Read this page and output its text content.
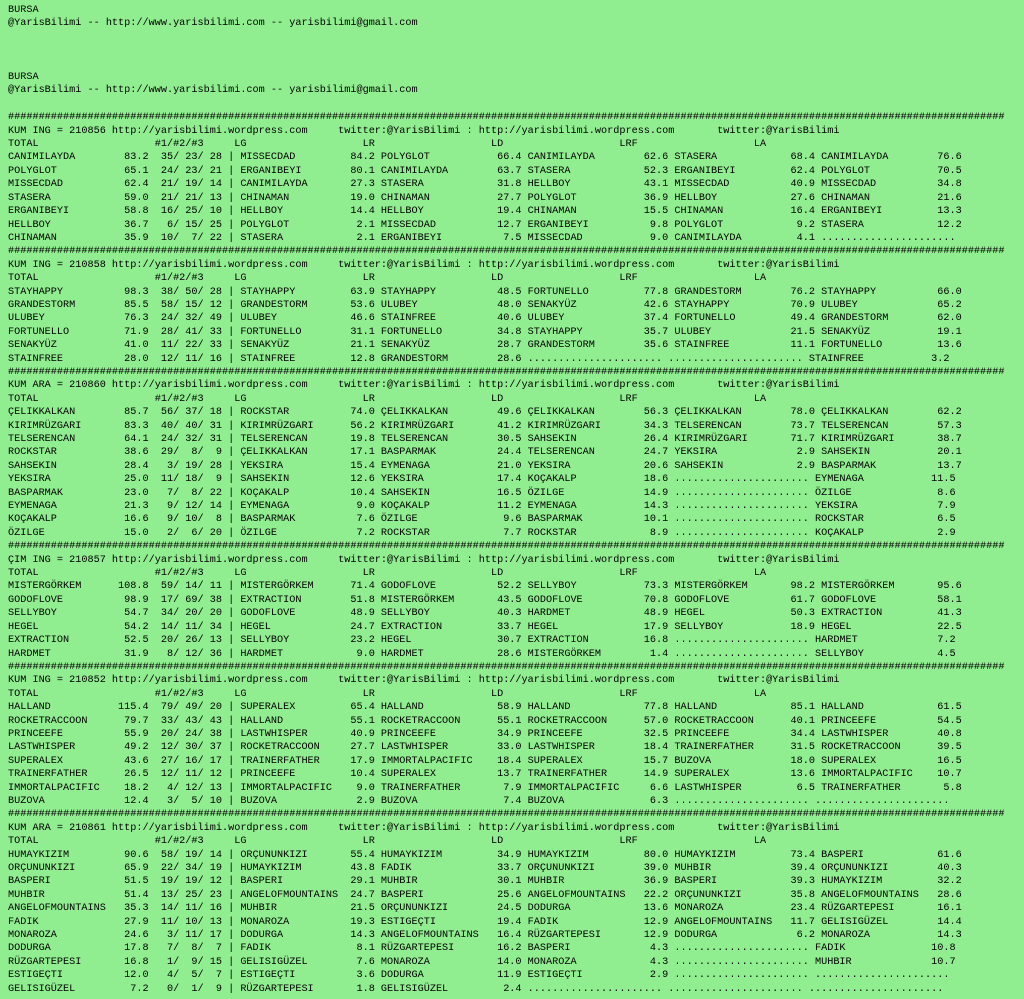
BURSA
@YarisBilimi -- http://www.yarisbilimi.com -- yarisbilimi@gmail.com

BURSA
@YarisBilimi -- http://www.yarisbilimi.com -- yarisbilimi@gmail.com

###################################################################################################################################################################
KUM ING = 210856 http://yarisbilimi.wordpress.com     twitter:@YarisBilimi : http://yarisbilimi.wordpress.com       twitter:@YarisBilimi
TOTAL                   #1/#2/#3     LG                   LR                   LD                   LRF                   LA
CANIMILAYDA        83.2  35/ 23/ 28 | MISSECDAD         84.2 POLYGLOT           66.4 CANIMILAYDA        62.6 STASERA            68.4 CANIMILAYDA        76.6
POLYGLOT           65.1  24/ 23/ 21 | ERGANIBEYI        80.1 CANIMILAYDA        63.7 STASERA            52.3 ERGANIBEYI         62.4 POLYGLOT           70.5
MISSECDAD          62.4  21/ 19/ 14 | CANIMILAYDA       27.3 STASERA            31.8 HELLBOY            43.1 MISSECDAD          40.9 MISSECDAD          34.8
STASERA            59.0  21/ 21/ 13 | CHINAMAN          19.0 CHINAMAN           27.7 POLYGLOT           36.9 HELLBOY            27.6 CHINAMAN           21.6
ERGANIBEYI         58.8  16/ 25/ 10 | HELLBOY           14.4 HELLBOY            19.4 CHINAMAN           15.5 CHINAMAN           16.4 ERGANIBEYI         13.3
HELLBOY            36.7   6/ 15/ 25 | POLYGLOT           2.1 MISSECDAD          12.7 ERGANIBEYI          9.8 POLYGLOT            9.2 STASERA            12.2
CHINAMAN           35.9  10/  7/ 22 | STASERA            2.1 ERGANIBEYI          7.5 MISSECDAD           9.0 CANIMILAYDA         4.1 ......................
###################################################################################################################################################################
KUM ING = 210858 http://yarisbilimi.wordpress.com     twitter:@YarisBilimi : http://yarisbilimi.wordpress.com       twitter:@YarisBilimi
TOTAL                   #1/#2/#3     LG                   LR                   LD                   LRF                   LA
STAYHAPPY          98.3  38/ 50/ 28 | STAYHAPPY         63.9 STAYHAPPY          48.5 FORTUNELLO         77.8 GRANDESTORM        76.2 STAYHAPPY          66.0
GRANDESTORM        85.5  58/ 15/ 12 | GRANDESTORM       53.6 ULUBEY             48.0 SENAKYÜZ           42.6 STAYHAPPY          70.9 ULUBEY             65.2
ULUBEY             76.3  24/ 32/ 49 | ULUBEY            46.6 STAINFREE          40.6 ULUBEY             37.4 FORTUNELLO         49.4 GRANDESTORM        62.0
FORTUNELLO         71.9  28/ 41/ 33 | FORTUNELLO        31.1 FORTUNELLO         34.8 STAYHAPPY          35.7 ULUBEY             21.5 SENAKYÜZ           19.1
SENAKYÜZ           41.0  11/ 22/ 33 | SENAKYÜZ          21.1 SENAKYÜZ           28.7 GRANDESTORM        35.6 STAINFREE          11.1 FORTUNELLO         13.6
STAINFREE          28.0  12/ 11/ 16 | STAINFREE         12.8 GRANDESTORM        28.6 ...................... ...................... STAINFREE           3.2
###################################################################################################################################################################
KUM ARA = 210860 http://yarisbilimi.wordpress.com     twitter:@YarisBilimi : http://yarisbilimi.wordpress.com       twitter:@YarisBilimi
TOTAL                   #1/#2/#3     LG                   LR                   LD                   LRF                   LA
ÇELIKKALKAN        85.7  56/ 37/ 18 | ROCKSTAR          74.0 ÇELIKKALKAN        49.6 ÇELIKKALKAN        56.3 ÇELIKKALKAN        78.0 ÇELIKKALKAN        62.2
KIRIMRÜZGARI       83.3  40/ 40/ 31 | KIRIMRÜZGARI      56.2 KIRIMRÜZGARI       41.2 KIRIMRÜZGARI       34.3 TELSERENCAN        73.7 TELSERENCAN        57.3
TELSERENCAN        64.1  24/ 32/ 31 | TELSERENCAN       19.8 TELSERENCAN        30.5 SAHSEKIN           26.4 KIRIMRÜZGARI       71.7 KIRIMRÜZGARI       38.7
ROCKSTAR           38.6  29/  8/  9 | ÇELIKKALKAN       17.1 BASPARMAK          24.4 TELSERENCAN        24.7 YEKSIRA             2.9 SAHSEKIN           20.1
SAHSEKIN           28.4   3/ 19/ 28 | YEKSIRA           15.4 EYMENAGA           21.0 YEKSIRA            20.6 SAHSEKIN            2.9 BASPARMAK          13.7
YEKSIRA            25.0  11/ 18/  9 | SAHSEKIN          12.6 YEKSIRA            17.4 KOÇAKALP           18.6 ...................... EYMENAGA           11.5
BASPARMAK          23.0   7/  8/ 22 | KOÇAKALP          10.4 SAHSEKIN           16.5 ÖZILGE             14.9 ...................... ÖZILGE              8.6
EYMENAGA           21.3   9/ 12/ 14 | EYMENAGA           9.0 KOÇAKALP           11.2 EYMENAGA           14.3 ...................... YEKSIRA             7.9
KOÇAKALP           16.6   9/ 10/  8 | BASPARMAK          7.6 ÖZILGE              9.6 BASPARMAK          10.1 ...................... ROCKSTAR            6.5
ÖZILGE             15.0   2/  6/ 20 | ÖZILGE             7.2 ROCKSTAR            7.7 ROCKSTAR            8.9 ...................... KOÇAKALP            2.9
###################################################################################################################################################################
ÇIM ING = 210857 http://yarisbilimi.wordpress.com     twitter:@YarisBilimi : http://yarisbilimi.wordpress.com       twitter:@YarisBilimi
TOTAL                   #1/#2/#3     LG                   LR                   LD                   LRF                   LA
MISTERGÖRKEM      108.8  59/ 14/ 11 | MISTERGÖRKEM      71.4 GODOFLOVE          52.2 SELLYBOY           73.3 MISTERGÖRKEM       98.2 MISTERGÖRKEM       95.6
GODOFLOVE          98.9  17/ 69/ 38 | EXTRACTION        51.8 MISTERGÖRKEM       43.5 GODOFLOVE          70.8 GODOFLOVE          61.7 GODOFLOVE          58.1
SELLYBOY           54.7  34/ 20/ 20 | GODOFLOVE         48.9 SELLYBOY           40.3 HARDMET            48.9 HEGEL              50.3 EXTRACTION         41.3
HEGEL              54.2  14/ 11/ 34 | HEGEL             24.7 EXTRACTION         33.7 HEGEL              17.9 SELLYBOY           18.9 HEGEL              22.5
EXTRACTION         52.5  20/ 26/ 13 | SELLYBOY          23.2 HEGEL              30.7 EXTRACTION         16.8 ...................... HARDMET             7.2
HARDMET            31.9   8/ 12/ 36 | HARDMET            9.0 HARDMET            28.6 MISTERGÖRKEM        1.4 ...................... SELLYBOY            4.5
###################################################################################################################################################################
KUM ING = 210852 http://yarisbilimi.wordpress.com     twitter:@YarisBilimi : http://yarisbilimi.wordpress.com       twitter:@YarisBilimi
TOTAL                   #1/#2/#3     LG                   LR                   LD                   LRF                   LA
HALLAND           115.4  79/ 49/ 20 | SUPERALEX         65.4 HALLAND            58.9 HALLAND            77.8 HALLAND            85.1 HALLAND            61.5
ROCKETRACCOON      79.7  33/ 43/ 43 | HALLAND           55.1 ROCKETRACCOON      55.1 ROCKETRACCOON      57.0 ROCKETRACCOON      40.1 PRINCEEFE          54.5
PRINCEEFE          55.9  20/ 24/ 38 | LASTWHISPER       40.9 PRINCEEFE          34.9 PRINCEEFE          32.5 PRINCEEFE          34.4 LASTWHISPER        40.8
LASTWHISPER        49.2  12/ 30/ 37 | ROCKETRACCOON     27.7 LASTWHISPER        33.0 LASTWHISPER        18.4 TRAINERFATHER      31.5 ROCKETRACCOON      39.5
SUPERALEX          43.6  27/ 16/ 17 | TRAINERFATHER     17.9 IMMORTALPACIFIC    18.4 SUPERALEX          15.7 BUZOVA             18.0 SUPERALEX          16.5
TRAINERFATHER      26.5  12/ 11/ 12 | PRINCEEFE         10.4 SUPERALEX          13.7 TRAINERFATHER      14.9 SUPERALEX          13.6 IMMORTALPACIFIC    10.7
IMMORTALPACIFIC    18.2   4/ 12/ 13 | IMMORTALPACIFIC    9.0 TRAINERFATHER       7.9 IMMORTALPACIFIC     6.6 LASTWHISPER         6.5 TRAINERFATHER       5.8
BUZOVA             12.4   3/  5/ 10 | BUZOVA             2.9 BUZOVA              7.4 BUZOVA              6.3 ...................... ......................
###################################################################################################################################################################
KUM ARA = 210861 http://yarisbilimi.wordpress.com     twitter:@YarisBilimi : http://yarisbilimi.wordpress.com       twitter:@YarisBilimi
TOTAL                   #1/#2/#3     LG                   LR                   LD                   LRF                   LA
HUMAYKIZIM         90.6  58/ 19/ 14 | ORÇUNUNKIZI       55.4 HUMAYKIZIM         34.9 HUMAYKIZIM         80.0 HUMAYKIZIM         73.4 BASPERI            61.6
ORÇUNUNKIZI        65.9  22/ 34/ 19 | HUMAYKIZIM        43.8 FADIK              33.7 ORÇUNUNKIZI        39.0 MUHBIR             39.4 ORÇUNUNKIZI        40.3
BASPERI            51.5  19/ 19/ 12 | BASPERI           29.1 MUHBIR             30.1 MUHBIR             36.9 BASPERI            39.3 HUMAYKIZIM         32.2
MUHBIR             51.4  13/ 25/ 23 | ANGELOFMOUNTAINS  24.7 BASPERI            25.6 ANGELOFMOUNTAINS   22.2 ORÇUNUNKIZI        35.8 ANGELOFMOUNTAINS   28.6
ANGELOFMOUNTAINS   35.3  14/ 11/ 16 | MUHBIR            21.5 ORÇUNUNKIZI        24.5 DODURGA            13.6 MONAROZA           23.4 RÜZGARTEPESI       16.1
FADIK              27.9  11/ 10/ 13 | MONAROZA          19.3 ESTIGEÇTI          19.4 FADIK              12.9 ANGELOFMOUNTAINS   11.7 GELISIGÜZEL        14.4
MONAROZA           24.6   3/ 11/ 17 | DODURGA           14.3 ANGELOFMOUNTAINS   16.4 RÜZGARTEPESI       12.9 DODURGA             6.2 MONAROZA           14.3
DODURGA            17.8   7/  8/  7 | FADIK              8.1 RÜZGARTEPESI       16.2 BASPERI             4.3 ...................... FADIK              10.8
RÜZGARTEPESI       16.8   1/  9/ 15 | GELISIGÜZEL        7.6 MONAROZA           14.0 MONAROZA            4.3 ...................... MUHBIR             10.7
ESTIGEÇTI          12.0   4/  5/  7 | ESTIGEÇTI          3.6 DODURGA            11.9 ESTIGEÇTI           2.9 ...................... ......................
GELISIGÜZEL         7.2   0/  1/  9 | RÜZGARTEPESI       1.8 GELISIGÜZEL         2.4 ...................... ...................... ......................
